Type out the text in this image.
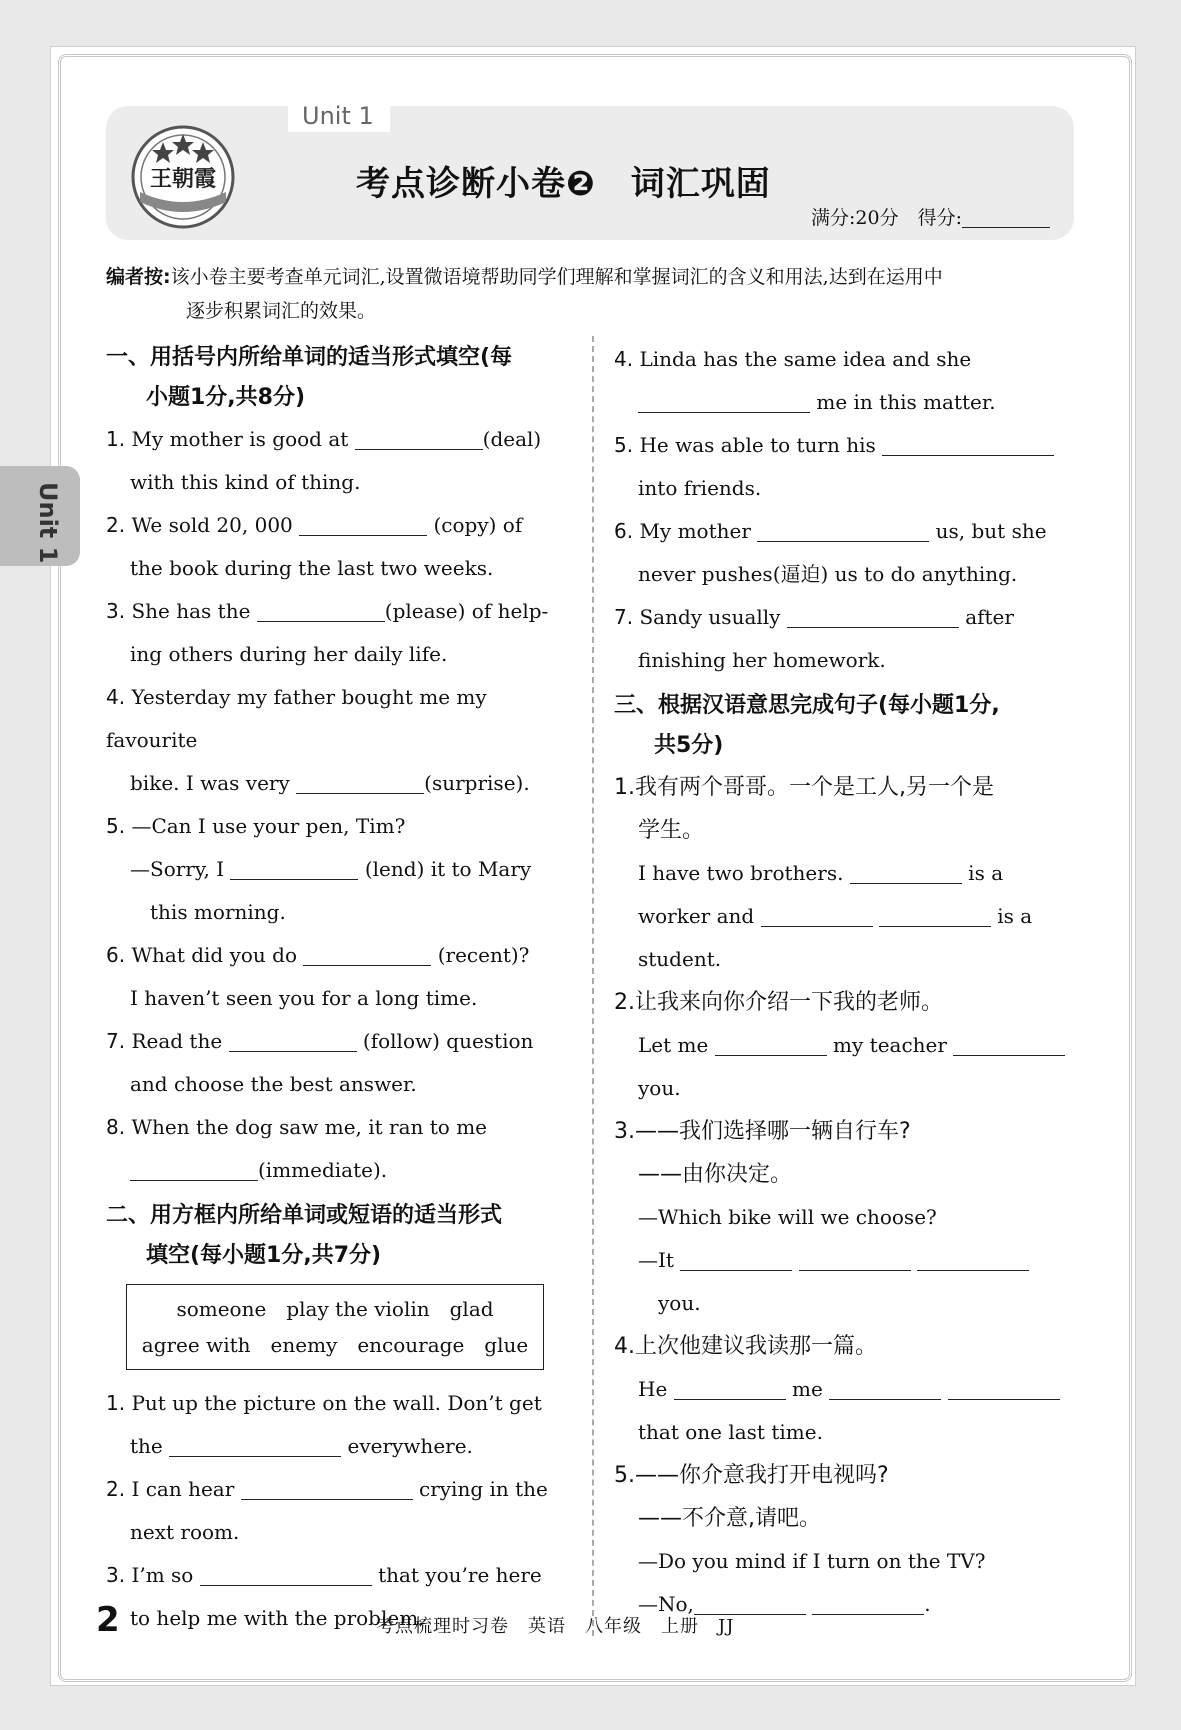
Unit 1
王朝霞
Unit 1
考点诊断小卷❷　词汇巩固
满分:20分　得分:
编者按:该小卷主要考查单元词汇,设置微语境帮助同学们理解和掌握词汇的含义和用法,达到在运用中
逐步积累词汇的效果。
一、用括号内所给单词的适当形式填空(每
小题1分,共8分)
1. My mother is good at	(deal)
with this kind of thing.
2. We sold 20, 000	(copy) of
the book during the last two weeks.
3. She has the	(please) of help-
ing others during her daily life.
4. Yesterday my father bought me my favourite
bike. I was very	(surprise).
5. —Can I use your pen, Tim?
—Sorry, I	(lend) it to Mary
this morning.
6. What did you do	(recent)?
I haven’t seen you for a long time.
7. Read the	(follow) question
and choose the best answer.
8. When the dog saw me, it ran to me
(immediate).
二、用方框内所给单词或短语的适当形式
填空(每小题1分,共7分)
someone　play the violin　glad
agree with　enemy　encourage　glue
1. Put up the picture on the wall. Don’t get
the	everywhere.
2. I can hear	crying in the
next room.
3. I’m so	that you’re here
to help me with the problem.
4. Linda has the same idea and she
me in this matter.
5. He was able to turn his
into friends.
6. My mother	us, but she
never pushes(逼迫) us to do anything.
7. Sandy usually	after
finishing her homework.
三、根据汉语意思完成句子(每小题1分,
共5分)
1.我有两个哥哥。一个是工人,另一个是
学生。
I have two brothers.	is a
worker and	is a
student.
2.让我来向你介绍一下我的老师。
Let me	my teacher
you.
3.——我们选择哪一辆自行车?
——由你决定。
—Which bike will we choose?
—It
you.
4.上次他建议我读那一篇。
He	me
that one last time.
5.——你介意我打开电视吗?
——不介意,请吧。
—Do you mind if I turn on the TV?
—No,	.
2	考点梳理时习卷　英语　八年级　上册　JJ
